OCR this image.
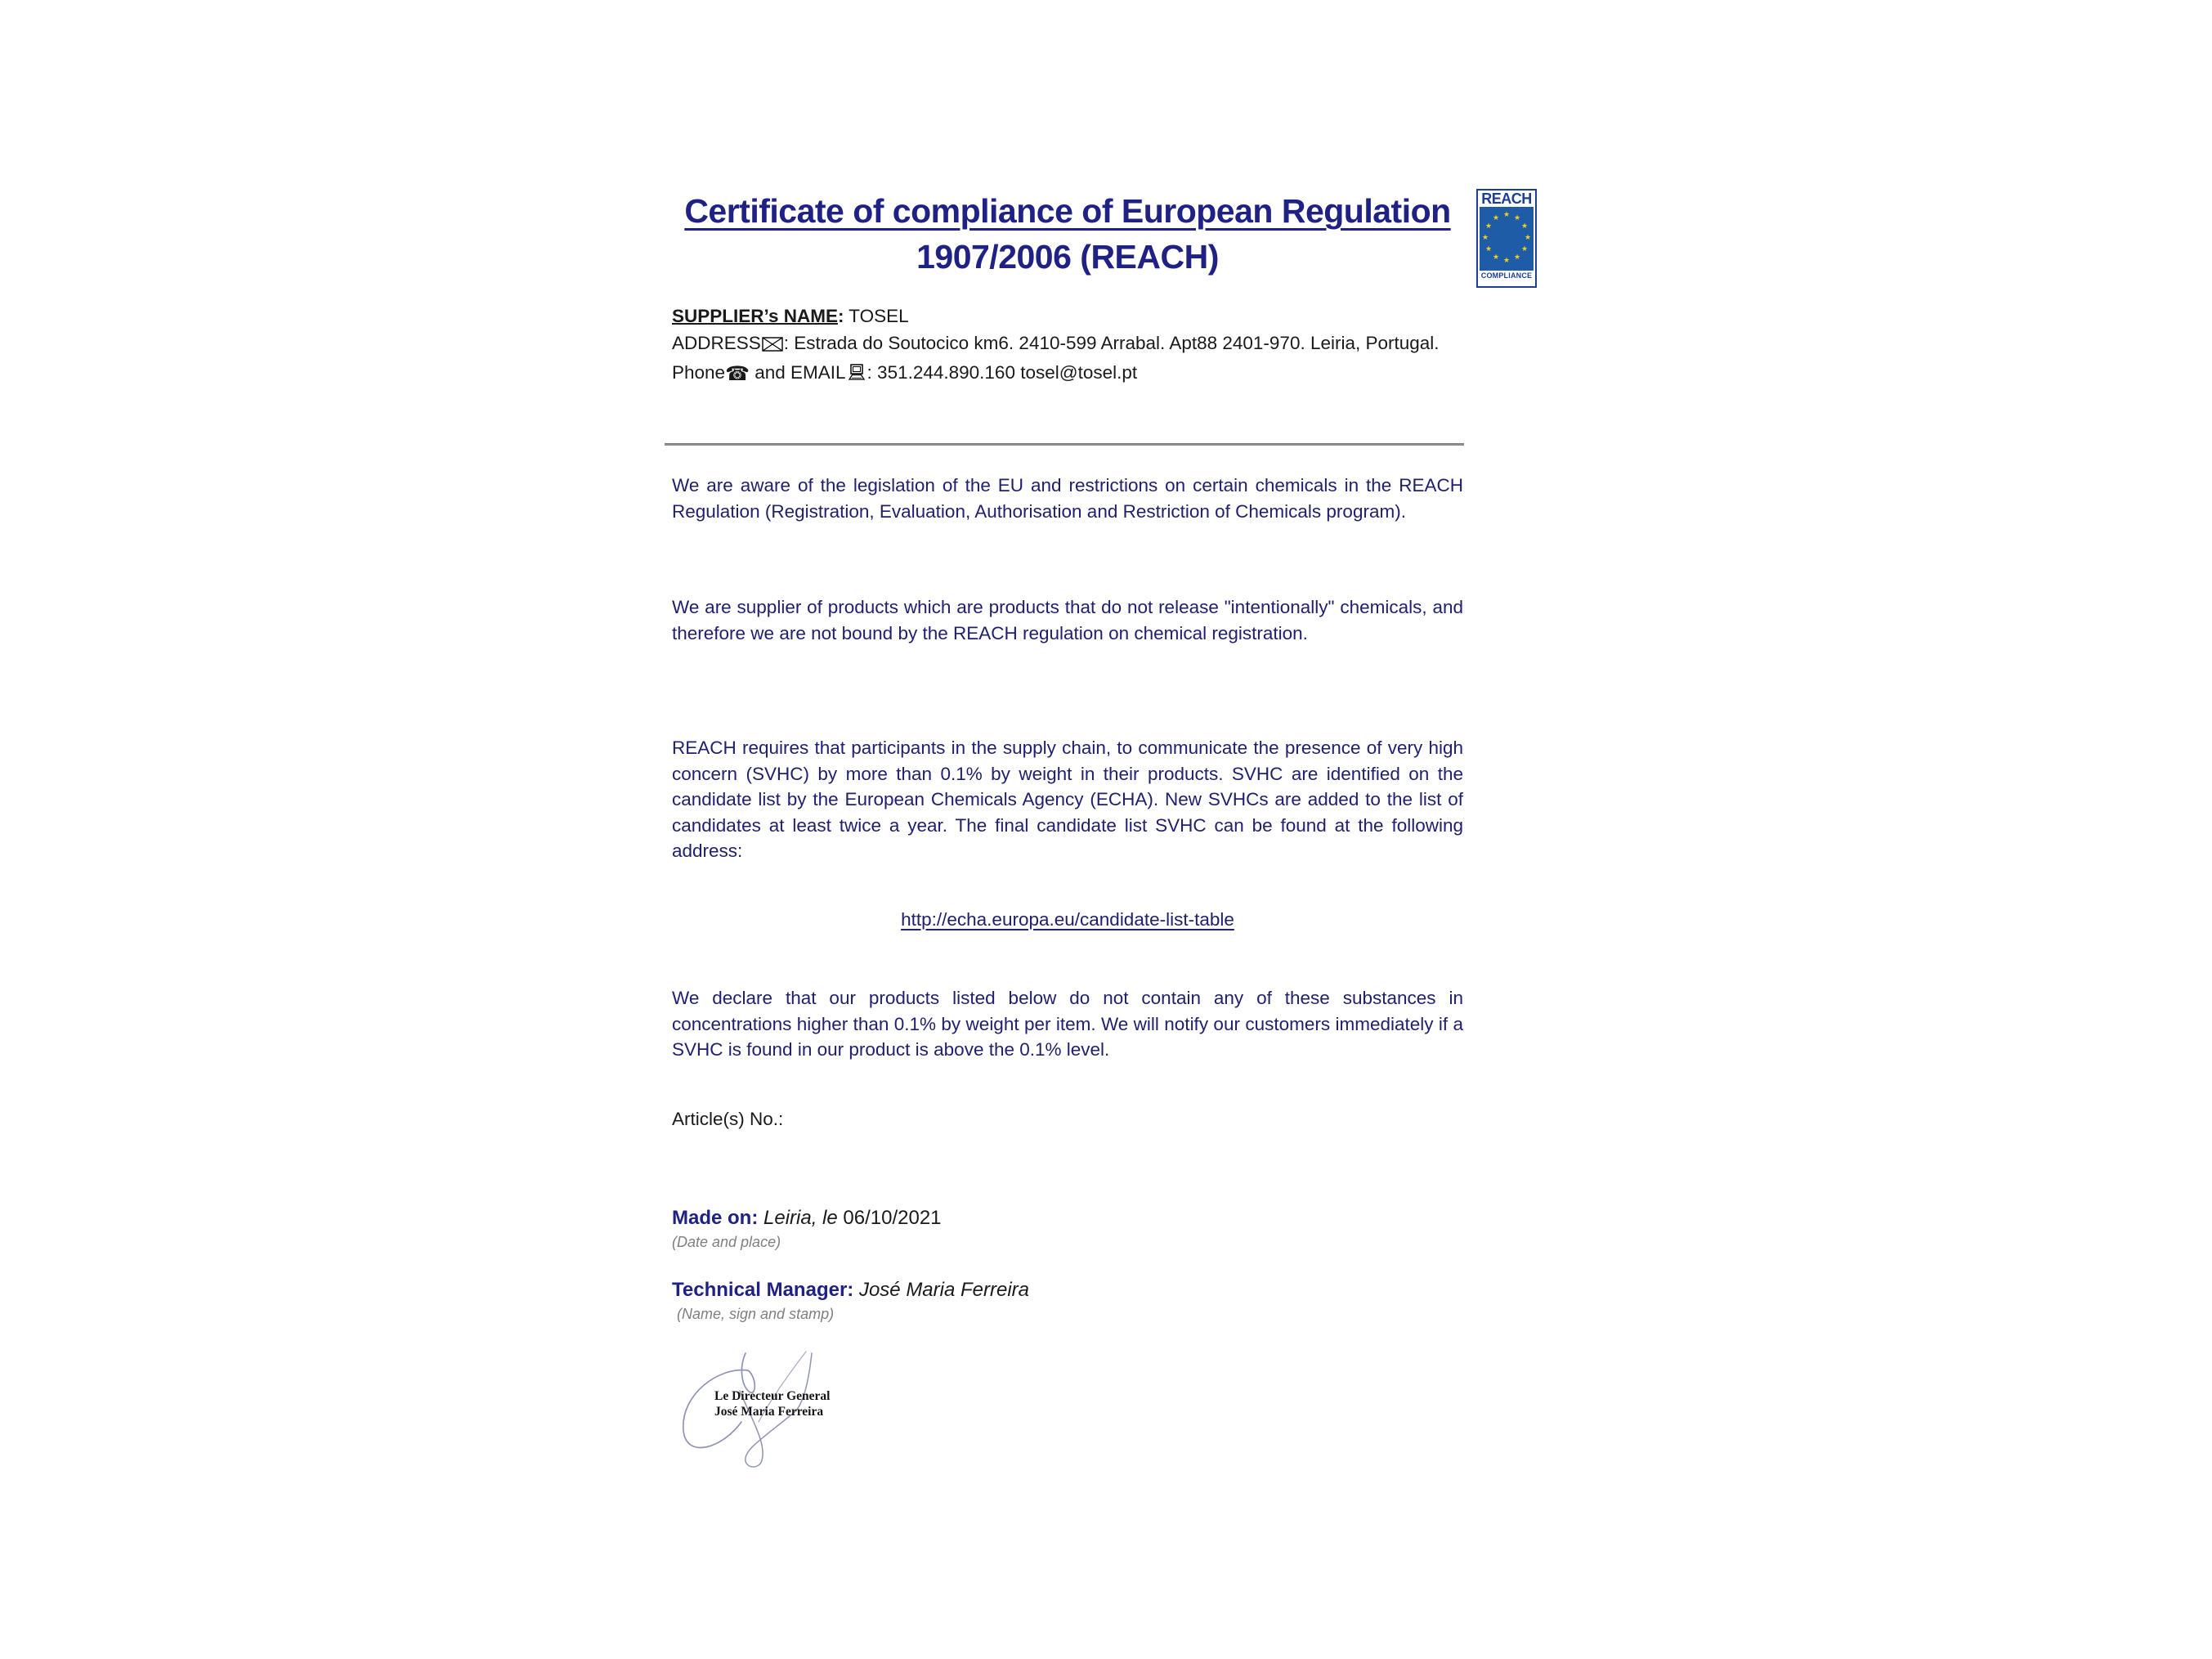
Certificate of compliance of European Regulation
1907/2006 (REACH)
SUPPLIER’s NAME: TOSEL
ADDRESS : Estrada do Soutocico km6. 2410-599 Arrabal. Apt88 2401-970. Leiria, Portugal.
Phone☎ and EMAIL : 351.244.890.160 tosel@tosel.pt
We are aware of the legislation of the EU and restrictions on certain chemicals in the REACH Regulation (Registration, Evaluation, Authorisation and Restriction of Chemicals program).
We are supplier of products which are products that do not release "intentionally" chemicals, and therefore we are not bound by the REACH regulation on chemical registration.
REACH requires that participants in the supply chain, to communicate the presence of very high concern (SVHC) by more than 0.1% by weight in their products. SVHC are identified on the candidate list by the European Chemicals Agency (ECHA). New SVHCs are added to the list of candidates at least twice a year. The final candidate list SVHC can be found at the following address:
http://echa.europa.eu/candidate-list-table
We declare that our products listed below do not contain any of these substances in concentrations higher than 0.1% by weight per item. We will notify our customers immediately if a SVHC is found in our product is above the 0.1% level.
Article(s) No.:
Made on: Leiria, le 06/10/2021
(Date and place)
Technical Manager: José Maria Ferreira
(Name, sign and stamp)
Le Directeur General
José Maria Ferreira
REACH
★ ★
★
★
★
★
★
★
★
★
★
★
COMPLIANCE
